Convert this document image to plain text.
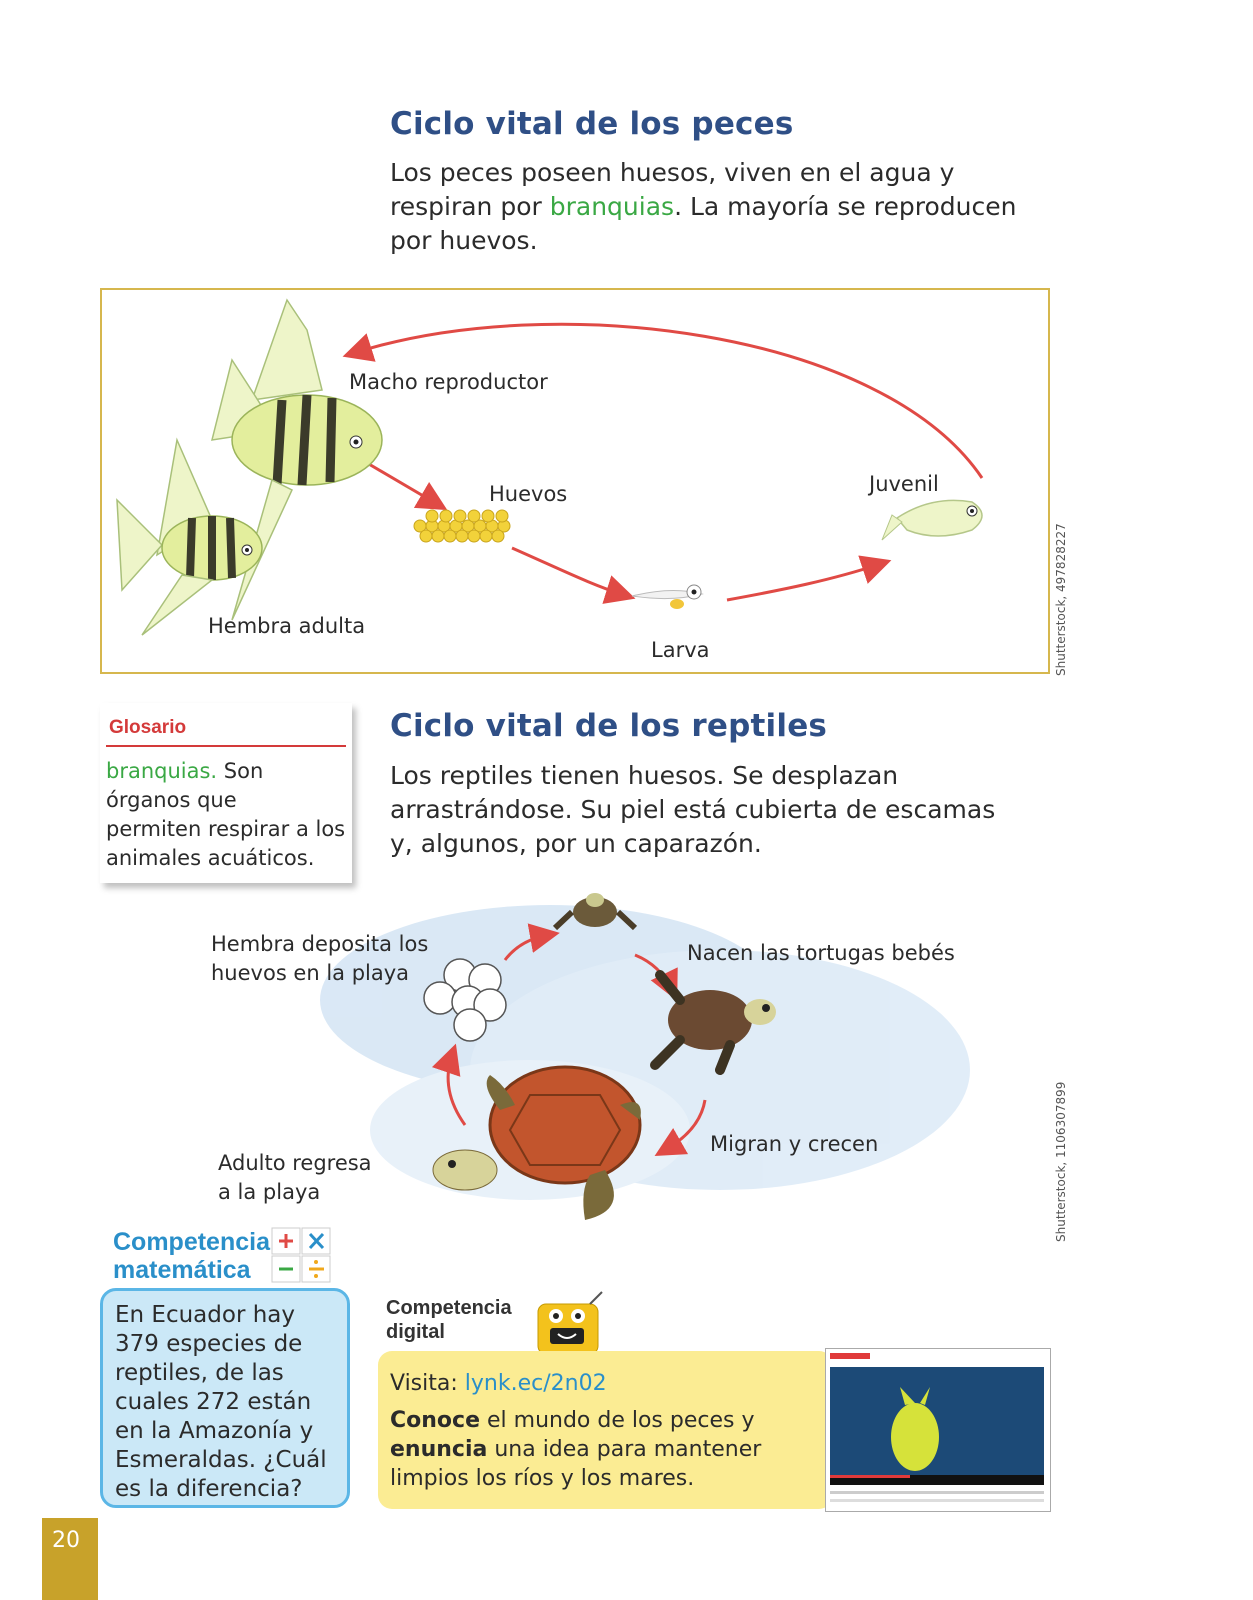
Ciclo vital de los peces
Los peces poseen huesos, viven en el agua y
respiran por branquias. La mayoría se reproducen
por huevos.
Macho reproductor
Huevos	Juvenil
Hembra adulta
Larva	Shutterstock, 497828227
Glosario
branquias. Son
órganos que
permiten respirar a los
animales acuáticos.
Ciclo vital de los reptiles
Los reptiles tienen huesos. Se desplazan
arrastrándose. Su piel está cubierta de escamas
y, algunos, por un caparazón.
Hembra deposita los
huevos en la playa
Nacen las tortugas bebés
Migran y crecen
Adulto regresa
a la playa	Shutterstock, 1106307899
Competencia
matemática
En Ecuador hay
379 especies de
reptiles, de las
cuales 272 están
en la Amazonía y
Esmeraldas. ¿Cuál
es la diferencia?
Competencia
digital
Visita: lynk.ec/2n02
Conoce el mundo de los peces y
enuncia una idea para mantener
limpios los ríos y los mares.
20
